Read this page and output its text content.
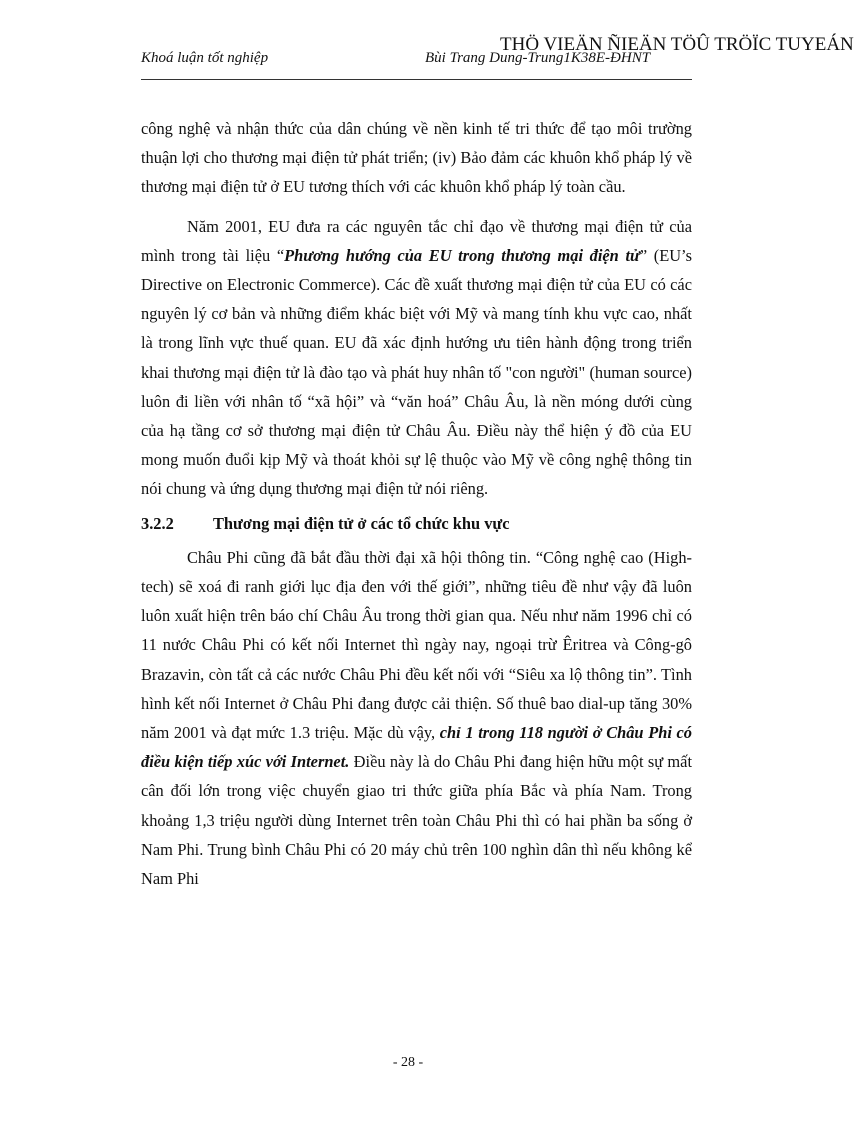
Khoá luận tốt nghiệp	Bùi Trang Dung-Trung1K38E-ĐHNT
THÖ VIEÄN ÑIEÄN TÖÛ TRÖÏC TUYEÁN

công nghệ và nhận thức của dân chúng về nền kinh tế tri thức để tạo môi trường thuận lợi cho thương mại điện tử phát triển; (iv) Bảo đảm các khuôn khổ pháp lý về thương mại điện tử ở EU tương thích với các khuôn khổ pháp lý toàn cầu.

Năm 2001, EU đưa ra các nguyên tắc chỉ đạo về thương mại điện tử của mình trong tài liệu “Phương hướng của EU trong thương mại điện tử” (EU’s Directive on Electronic Commerce). Các đề xuất thương mại điện tử của EU có các nguyên lý cơ bản và những điểm khác biệt với Mỹ và mang tính khu vực cao, nhất là trong lĩnh vực thuế quan. EU đã xác định hướng ưu tiên hành động trong triển khai thương mại điện tử là đào tạo và phát huy nhân tố "con người" (human source) luôn đi liền với nhân tố “xã hội” và “văn hoá” Châu Âu, là nền móng dưới cùng của hạ tầng cơ sở thương mại điện tử Châu Âu. Điều này thể hiện ý đồ của EU mong muốn đuổi kịp Mỹ và thoát khỏi sự lệ thuộc vào Mỹ về công nghệ thông tin nói chung và ứng dụng thương mại điện tử nói riêng.

3.2.2 Thương mại điện tử ở các tổ chức khu vực

Châu Phi cũng đã bắt đầu thời đại xã hội thông tin. “Công nghệ cao (High-tech) sẽ xoá đi ranh giới lục địa đen với thế giới”, những tiêu đề như vậy đã luôn luôn xuất hiện trên báo chí Châu Âu trong thời gian qua. Nếu như năm 1996 chỉ có 11 nước Châu Phi có kết nối Internet thì ngày nay, ngoại trừ Êritrea và Công-gô Brazavin, còn tất cả các nước Châu Phi đều kết nối với “Siêu xa lộ thông tin”. Tình hình kết nối Internet ở Châu Phi đang được cải thiện. Số thuê bao dial-up tăng 30% năm 2001 và đạt mức 1.3 triệu. Mặc dù vậy, chỉ 1 trong 118 người ở Châu Phi có điều kiện tiếp xúc với Internet. Điều này là do Châu Phi đang hiện hữu một sự mất cân đối lớn trong việc chuyển giao tri thức giữa phía Bắc và phía Nam. Trong khoảng 1,3 triệu người dùng Internet trên toàn Châu Phi thì có hai phần ba sống ở Nam Phi. Trung bình Châu Phi có 20 máy chủ trên 100 nghìn dân thì nếu không kể Nam Phi

- 28 -
